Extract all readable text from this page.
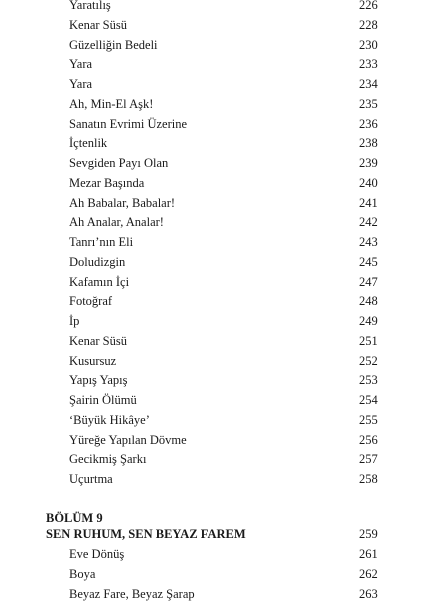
Yaratılış	226
Kenar Süsü	228
Güzelliğin Bedeli	230
Yara	233
Yara	234
Ah, Min-El Aşk!	235
Sanatın Evrimi Üzerine	236
İçtenlik	238
Sevgiden Payı Olan	239
Mezar Başında	240
Ah Babalar, Babalar!	241
Ah Analar, Analar!	242
Tanrı’nın Eli	243
Doludizgin	245
Kafamın İçi	247
Fotoğraf	248
İp	249
Kenar Süsü	251
Kusursuz	252
Yapış Yapış	253
Şairin Ölümü	254
‘Büyük Hikâye’	255
Yüreğe Yapılan Dövme	256
Gecikmiş Şarkı	257
Uçurtma	258
BÖLÜM 9
SEN RUHUM, SEN BEYAZ FAREM	259
Eve Dönüş	261
Boya	262
Beyaz Fare, Beyaz Şarap	263
